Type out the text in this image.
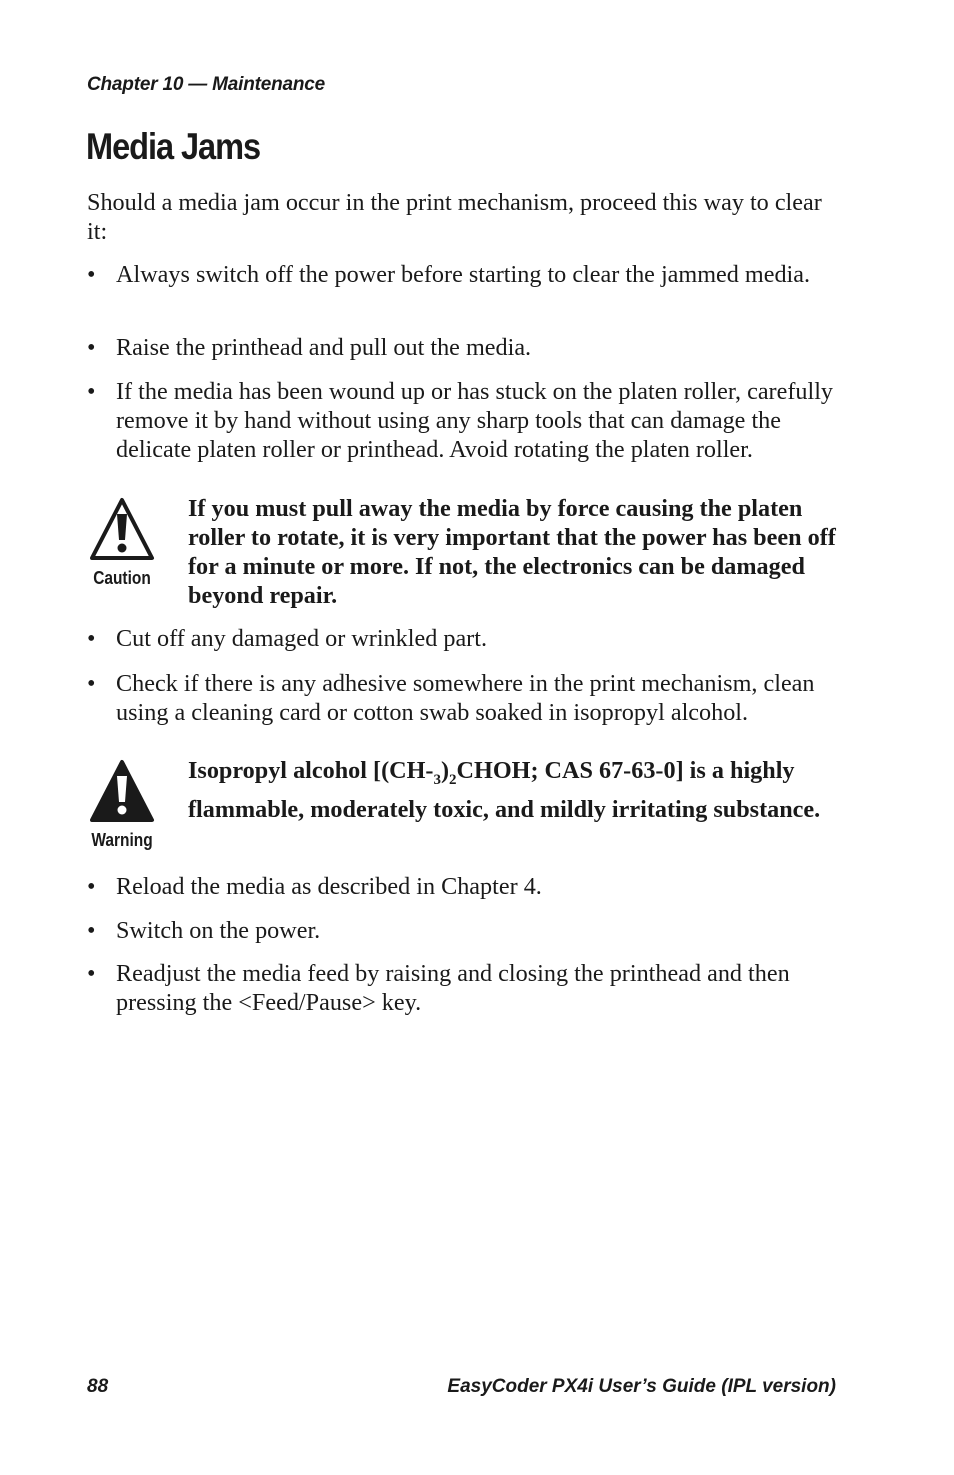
Chapter 10 — Maintenance
Media Jams

Should a media jam occur in the print mechanism, proceed this way to clear it:

• Always switch off the power before starting to clear the jammed media.
• Raise the printhead and pull out the media.
• If the media has been wound up or has stuck on the platen roller, carefully remove it by hand without using any sharp tools that can damage the delicate platen roller or printhead. Avoid rotating the platen roller.
Caution
If you must pull away the media by force causing the platen roller to rotate, it is very important that the power has been off for a minute or more. If not, the electronics can be damaged beyond repair.
• Cut off any damaged or wrinkled part.
• Check if there is any adhesive somewhere in the print mechanism, clean using a cleaning card or cotton swab soaked in isopropyl alcohol.
Warning
Isopropyl alcohol [$(CH-_3)_2CHOH$; CAS 67-63-0] is a highly flammable, moderately toxic, and mildly irritating substance.
• Reload the media as described in Chapter 4.
• Switch on the power.
• Readjust the media feed by raising and closing the printhead and then pressing the <Feed/Pause> key.
88	EasyCoder PX4i User’s Guide (IPL version)
